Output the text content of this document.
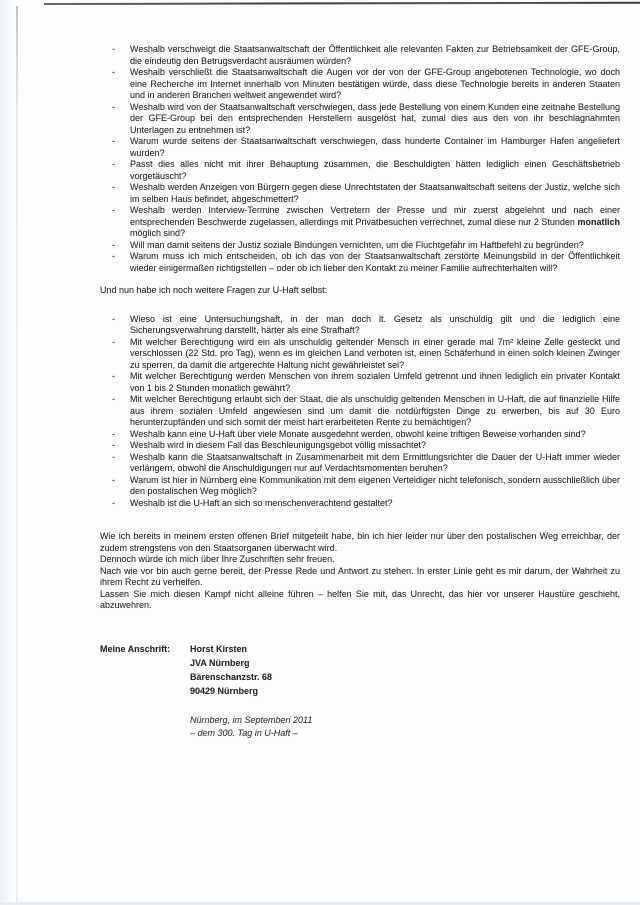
- Weshalb verschweigt die Staatsanwaltschaft der Öffentlichkeit alle relevanten Fakten zur Betriebsamkeit der GFE-Group, die eindeutig den Betrugsverdacht ausräumen würden?
- Weshalb verschließt die Staatsanwaltschaft die Augen vor der von der GFE-Group angebotenen Technologie, wo doch eine Recherche im Internet innerhalb von Minuten bestätigen würde, dass diese Technologie bereits in anderen Staaten und in anderen Branchen weltweit angewendet wird?
- Weshalb wird von der Staatsanwaltschaft verschwiegen, dass jede Bestellung von einem Kunden eine zeitnahe Bestellung der GFE-Group bei den entsprechenden Herstellern ausgelöst hat, zumal dies aus den von ihr beschlagnahmten Unterlagen zu entnehmen ist?
- Warum wurde seitens der Staatsanwaltschaft verschwiegen, dass hunderte Container im Hamburger Hafen angeliefert wurden?
- Passt dies alles nicht mit ihrer Behauptung zusammen, die Beschuldigten hätten lediglich einen Geschäftsbetrieb vorgetäuscht?
- Weshalb werden Anzeigen von Bürgern gegen diese Unrechtstaten der Staatsanwaltschaft seitens der Justiz, welche sich im selben Haus befindet, abgeschmettert?
- Weshalb werden Interview-Termine zwischen Vertretern der Presse und mir zuerst abgelehnt und nach einer entsprechenden Beschwerde zugelassen, allerdings mit Privatbesuchen verrechnet, zumal diese nur 2 Stunden monatlich möglich sind?
- Will man damit seitens der Justiz soziale Bindungen vernichten, um die Fluchtgefahr im Haftbefehl zu begründen?
- Warum muss ich mich entscheiden, ob ich das von der Staatsanwaltschaft zerstörte Meinungsbild in der Öffentlichkeit wieder einigermaßen richtigstellen – oder ob ich lieber den Kontakt zu meiner Familie aufrechterhalten will?

Und nun habe ich noch weitere Fragen zur U-Haft selbst:

- Wieso ist eine Untersuchungshaft, in der man doch lt. Gesetz als unschuldig gilt und die lediglich eine Sicherungsverwahrung darstellt, härter als eine Strafhaft?
- Mit welcher Berechtigung wird ein als unschuldig geltender Mensch in einer gerade mal 7m² kleine Zelle gesteckt und verschlossen (22 Std. pro Tag), wenn es im gleichen Land verboten ist, einen Schäferhund in einen solch kleinen Zwinger zu sperren, da damit die artgerechte Haltung nicht gewährleistet sei?
- Mit welcher Berechtigung werden Menschen von ihrem sozialen Umfeld getrennt und ihnen lediglich ein privater Kontakt von 1 bis 2 Stunden monatlich gewährt?
- Mit welcher Berechtigung erlaubt sich der Staat, die als unschuldig geltenden Menschen in U-Haft, die auf finanzielle Hilfe aus ihrem sozialen Umfeld angewiesen sind um damit die notdürftigsten Dinge zu erwerben, bis auf 30 Euro herunterzupfänden und sich somit der meist hart erarbeiteten Rente zu bemächtigen?
- Weshalb kann eine U-Haft über viele Monate ausgedehnt werden, obwohl keine triftigen Beweise vorhanden sind?
- Weshalb wird in diesem Fall das Beschleunigungsgebot völlig missachtet?
- Weshalb kann die Staatsanwaltschaft in Zusammenarbeit mit dem Ermittlungsrichter die Dauer der U-Haft immer wieder verlängern, obwohl die Anschuldigungen nur auf Verdachtsmomenten beruhen?
- Warum ist hier in Nürnberg eine Kommunikation mit dem eigenen Verteidiger nicht telefonisch, sondern ausschließlich über den postalischen Weg möglich?
- Weshalb ist die U-Haft an sich so menschenverachtend gestaltet?

Wie ich bereits in meinem ersten offenen Brief mitgeteilt habe, bin ich hier leider nur über den postalischen Weg erreichbar, der zudem strengstens von den Staatsorganen überwacht wird.

Dennoch würde ich mich über Ihre Zuschriften sehr freuen.

Nach wie vor bin auch gerne bereit, der Presse Rede und Antwort zu stehen. In erster Linie geht es mir darum, der Wahrheit zu ihrem Recht zu verhelfen.

Lassen Sie mich diesen Kampf nicht alleine führen – helfen Sie mit, das Unrecht, das hier vor unserer Haustüre geschieht, abzuwehren.

Meine Anschrift:	Horst Kirsten
JVA Nürnberg
Bärenschanzstr. 68
90429 Nürnberg
Nürnberg, im Septemberi 2011
– dem 300. Tag in U-Haft –
